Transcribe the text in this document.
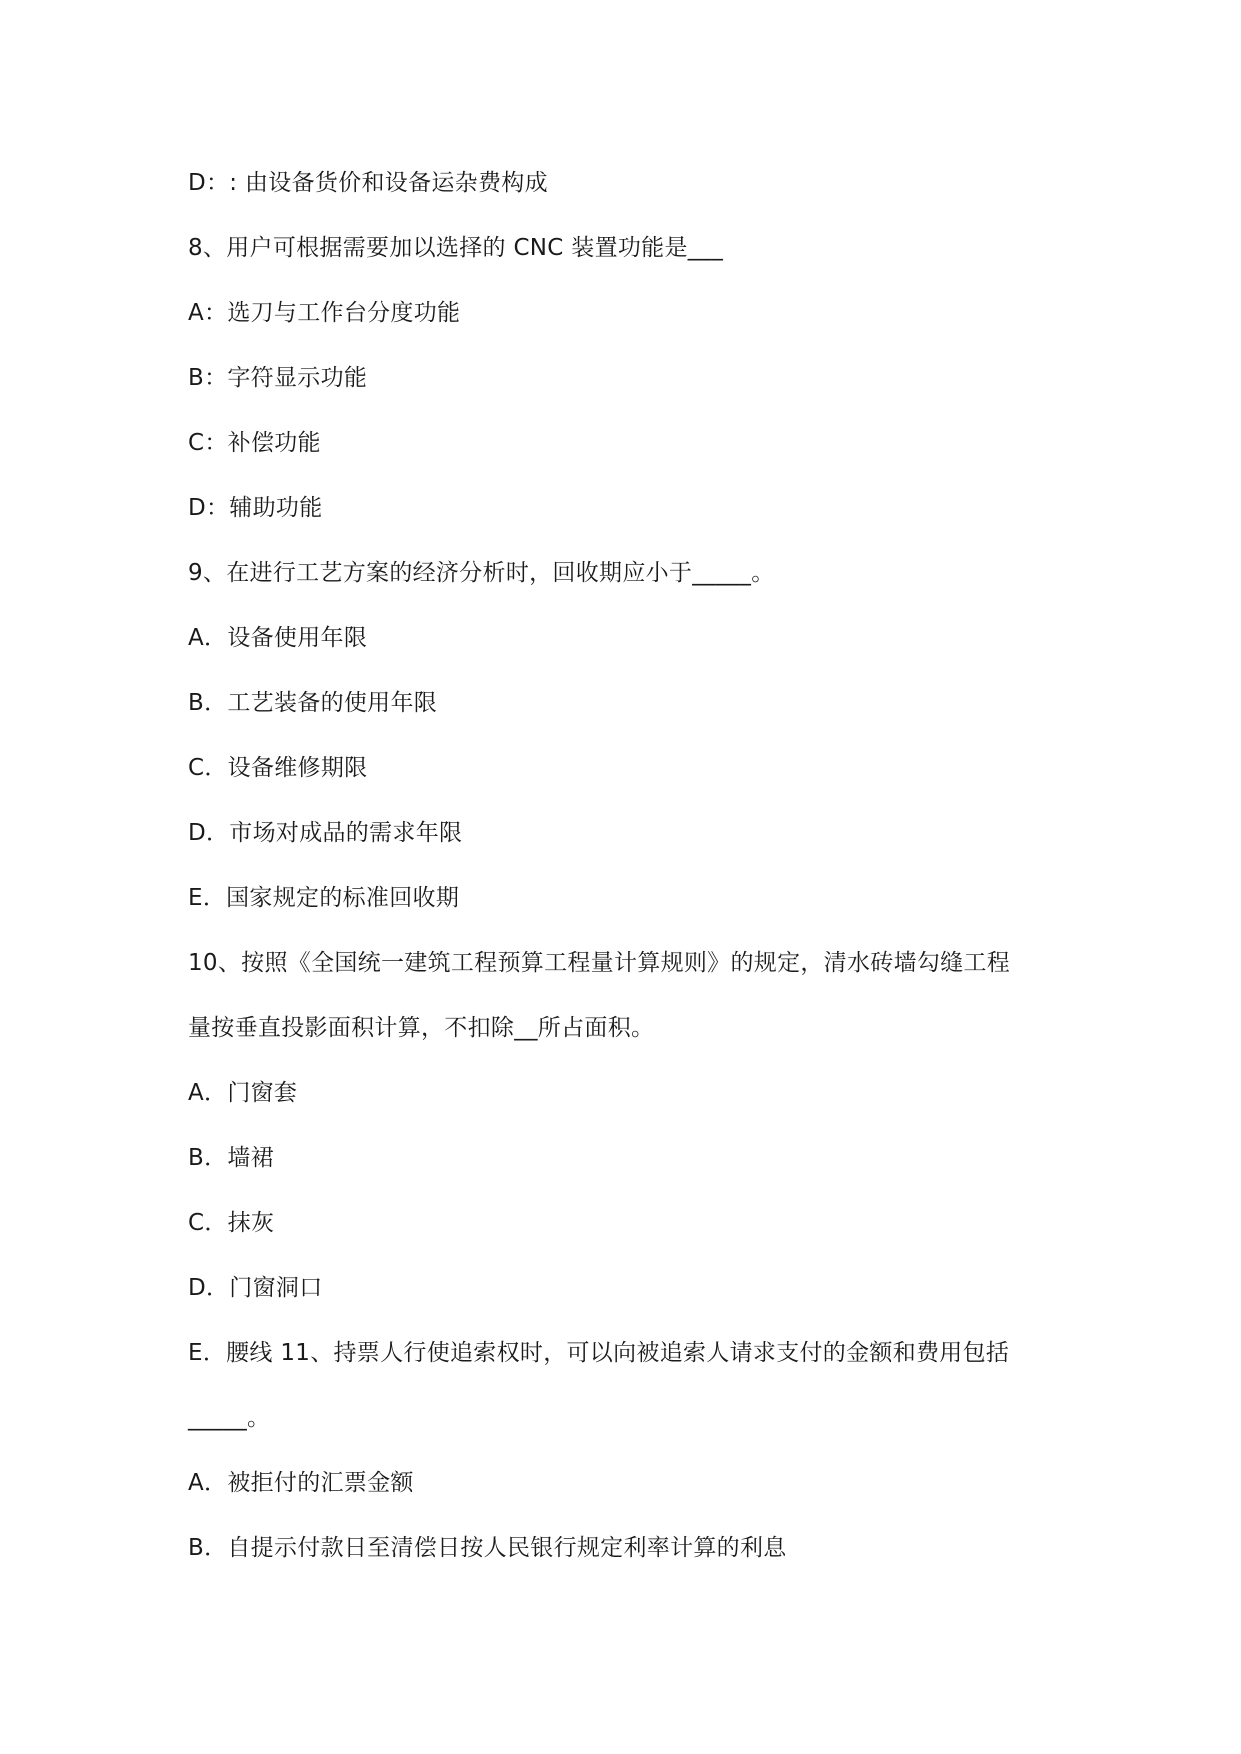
D：: 由设备货价和设备运杂费构成
8、用户可根据需要加以选择的 CNC 装置功能是___
A：选刀与工作台分度功能
B：字符显示功能
C：补偿功能
D：辅助功能
9、在进行工艺方案的经济分析时，回收期应小于_____。
A．设备使用年限
B．工艺装备的使用年限
C．设备维修期限
D．市场对成品的需求年限
E．国家规定的标准回收期
10、按照《全国统一建筑工程预算工程量计算规则》的规定，清水砖墙勾缝工程
量按垂直投影面积计算，不扣除__所占面积。
A．门窗套
B．墙裙
C．抹灰
D．门窗洞口
E．腰线 11、持票人行使追索权时，可以向被追索人请求支付的金额和费用包括
_____。
A．被拒付的汇票金额
B．自提示付款日至清偿日按人民银行规定利率计算的利息
